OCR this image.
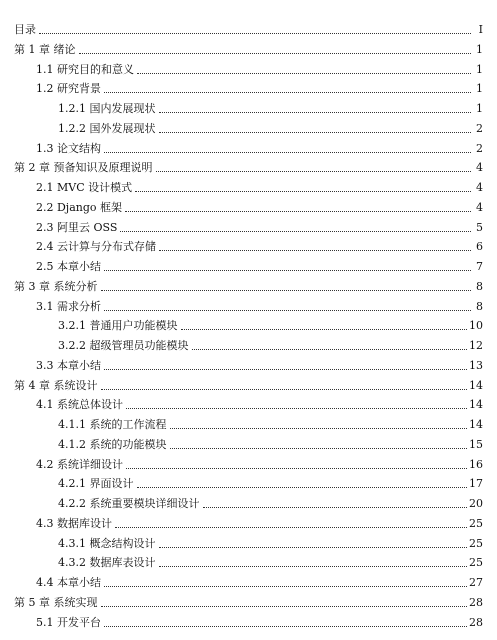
目录	I
第 1 章 绪论	1
1.1 研究目的和意义	1
1.2 研究背景	1
1.2.1 国内发展现状	1
1.2.2 国外发展现状	2
1.3 论文结构	2
第 2 章 预备知识及原理说明	4
2.1 MVC 设计模式	4
2.2 Django 框架	4
2.3 阿里云 OSS	5
2.4 云计算与分布式存储	6
2.5 本章小结	7
第 3 章 系统分析	8
3.1 需求分析	8
3.2.1 普通用户功能模块	10
3.2.2 超级管理员功能模块	12
3.3 本章小结	13
第 4 章 系统设计	14
4.1 系统总体设计	14
4.1.1 系统的工作流程	14
4.1.2 系统的功能模块	15
4.2 系统详细设计	16
4.2.1 界面设计	17
4.2.2 系统重要模块详细设计	20
4.3 数据库设计	25
4.3.1 概念结构设计	25
4.3.2 数据库表设计	25
4.4 本章小结	27
第 5 章 系统实现	28
5.1 开发平台	28
